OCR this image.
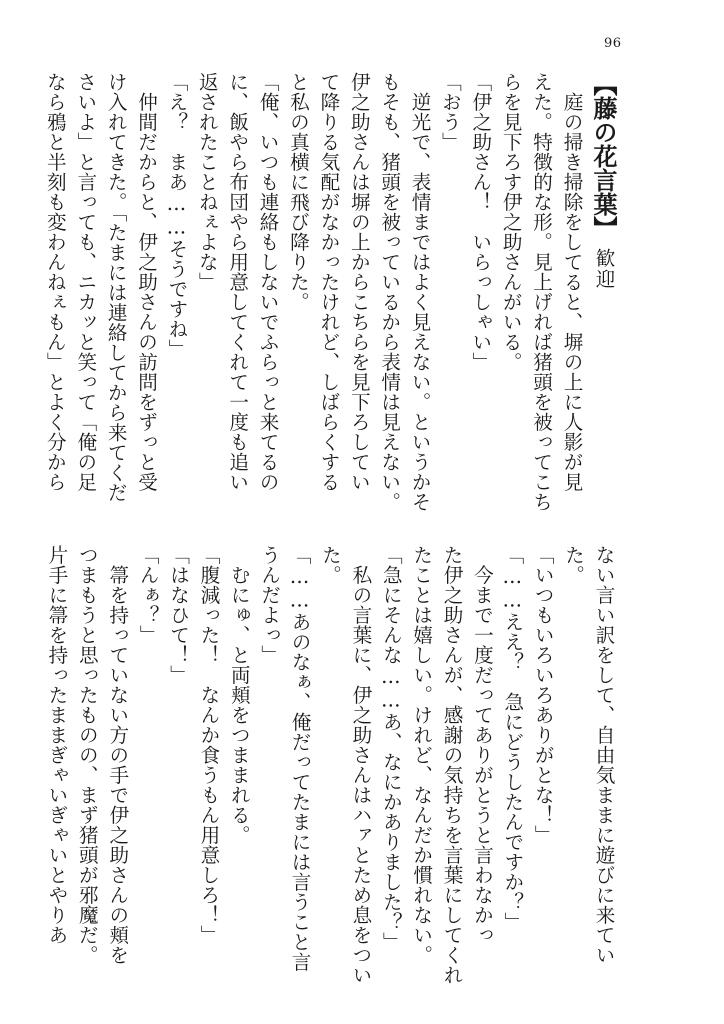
96
【藤の花言葉】歓迎
　庭の掃き掃除をしてると、塀の上に人影が見
えた。特徴的な形。見上げれば猪頭を被ってこち
らを見下ろす伊之助さんがいる。
「伊之助さん！　いらっしゃい」
「おう」
　逆光で、表情まではよく見えない。というかそ
もそも、猪頭を被っているから表情は見えない。
伊之助さんは塀の上からこちらを見下ろしてい
て降りる気配がなかったけれど、しばらくする
と私の真横に飛び降りた。
「俺、いつも連絡もしないでふらっと来てるの
に、飯やら布団やら用意してくれて一度も追い
返されたことねぇよな」
「え？　まあ……そうですね」
　仲間だからと、伊之助さんの訪問をずっと受
け入れてきた。「たまには連絡してから来てくだ
さいよ」と言っても、ニカッと笑って「俺の足
なら鴉と半刻も変わんねぇもん」とよく分から
ない言い訳をして、自由気ままに遊びに来てい
た。
「いつもいろいろありがとな！」
「……ええ？　急にどうしたんですか？」
　今まで一度だってありがとうと言わなかっ
た伊之助さんが、感謝の気持ちを言葉にしてくれ
たことは嬉しい。けれど、なんだか慣れない。
「急にそんな……あ、なにかありました？」
　私の言葉に、伊之助さんはハァとため息をつい
た。
「……あのなぁ、俺だってたまには言うこと言
うんだよっ」
　むにゅ、と両頬をつままれる。
「腹減った！　なんか食うもん用意しろ！」
「はなひて！」
「んぁ？」
　箒を持っていない方の手で伊之助さんの頬を
つまもうと思ったものの、まず猪頭が邪魔だ。
片手に箒を持ったままぎゃいぎゃいとやりあ
